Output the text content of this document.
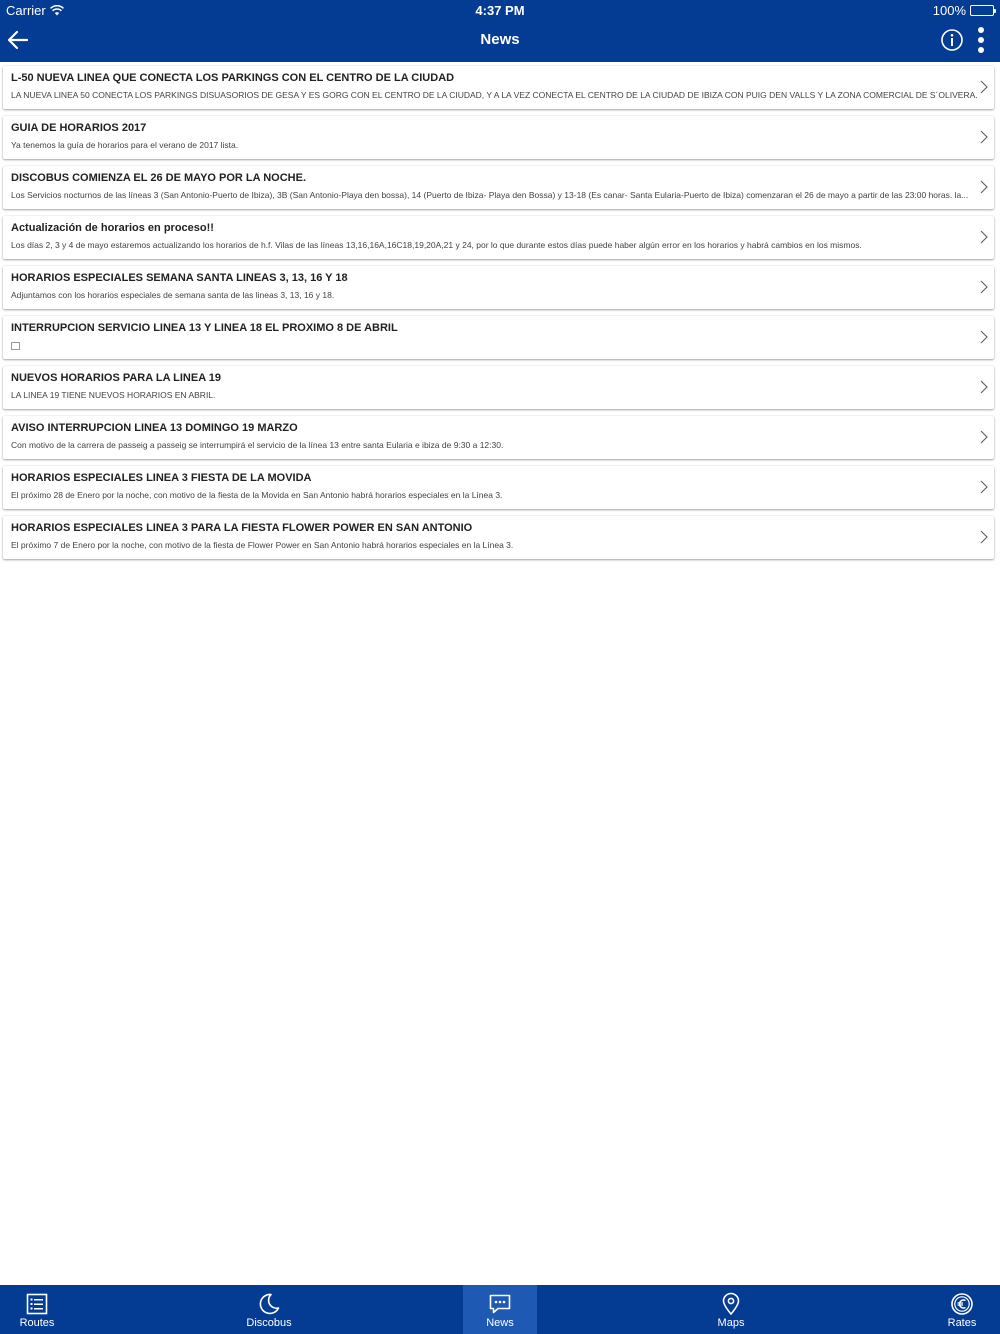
Carrier	4:37 PM	100%
News
L-50 NUEVA LINEA QUE CONECTA LOS PARKINGS CON EL CENTRO DE LA CIUDAD
LA NUEVA LINEA 50 CONECTA LOS PARKINGS DISUASORIOS DE GESA Y ES GORG CON EL CENTRO DE LA CIUDAD, Y A LA VEZ CONECTA EL CENTRO DE LA CIUDAD DE IBIZA CON PUIG DEN VALLS Y LA ZONA COMERCIAL DE S´OLIVERA.
GUIA DE HORARIOS 2017
Ya tenemos la guía de horarios para el verano de 2017 lista.
DISCOBUS COMIENZA EL 26 DE MAYO POR LA NOCHE.
Los Servicios nocturnos de las líneas 3 (San Antonio-Puerto de Ibiza), 3B (San Antonio-Playa den bossa), 14 (Puerto de Ibiza- Playa den Bossa) y 13-18 (Es canar- Santa Eularia-Puerto de Ibiza) comenzaran el 26 de mayo a partir de las 23:00 horas. la...
Actualización de horarios en proceso!!
Los días 2, 3 y 4 de mayo estaremos actualizando los horarios de h.f. Vilas de las líneas 13,16,16A,16C18,19,20A,21 y 24, por lo que durante estos días puede haber algún error en los horarios y habrá cambios en los mismos.
HORARIOS ESPECIALES SEMANA SANTA LINEAS 3, 13, 16 Y 18
Adjuntamos con los horarios especiales de semana santa de las lineas 3, 13, 16 y 18.
INTERRUPCION SERVICIO LINEA 13 Y LINEA 18 EL PROXIMO 8 DE ABRIL
NUEVOS HORARIOS PARA LA LINEA 19
LA LINEA 19 TIENE NUEVOS HORARIOS EN ABRIL.
AVISO INTERRUPCION LINEA 13 DOMINGO 19 MARZO
Con motivo de la carrera de passeig a passeig se interrumpirá el servicio de la línea 13 entre santa Eularia e ibiza de 9:30 a 12:30.
HORARIOS ESPECIALES LINEA 3 FIESTA DE LA MOVIDA
El próximo 28 de Enero por la noche, con motivo de la fiesta de la Movida en San Antonio habrá horarios especiales en la Línea 3.
HORARIOS ESPECIALES LINEA 3 PARA LA FIESTA FLOWER POWER EN SAN ANTONIO
El próximo 7 de Enero por la noche, con motivo de la fiesta de Flower Power en San Antonio habrá horarios especiales en la Línea 3.
Routes	Discobus	News	Maps	Rates
